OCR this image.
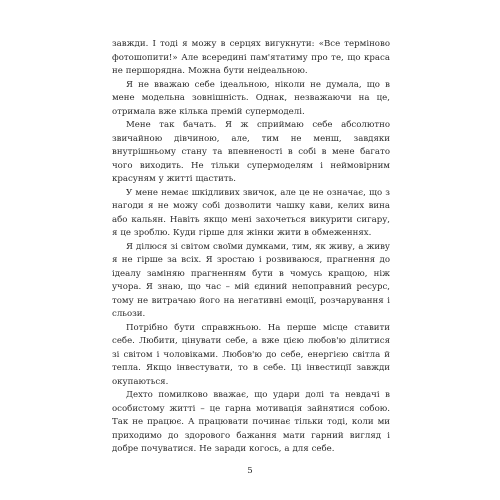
завжди. І тоді я можу в серцях вигукнути: «Все терміново фотошопити!» Але всередині пам'ятатиму про те, що краса не першорядна. Можна бути неідеальною.

Я не вважаю себе ідеальною, ніколи не думала, що в мене модельна зовнішність. Однак, незважаючи на це, отримала вже кілька премій супермоделі.

Мене так бачать. Я ж сприймаю себе абсолютно звичайною дівчиною, але, тим не менш, завдяки внутрішньому стану та впевненості в собі в мене багато чого виходить. Не тільки супермоделям і неймовірним красуням у житті щастить.

У мене немає шкідливих звичок, але це не означає, що з нагоди я не можу собі дозволити чашку кави, келих вина або кальян. Навіть якщо мені захочеться викурити сигару, я це зроблю. Куди гірше для жінки жити в обмеженнях.

Я ділюся зі світом своїми думками, тим, як живу, а живу я не гірше за всіх. Я зростаю і розвиваюся, прагнення до ідеалу заміняю прагненням бути в чомусь кращою, ніж учора. Я знаю, що час – мій єдиний непоправний ресурс, тому не витрачаю його на негативні емоції, розчарування і сльози.

Потрібно бути справжньою. На перше місце ставити себе. Любити, цінувати себе, а вже цією любов'ю ділитися зі світом і чоловіками. Любов'ю до себе, енергією світла й тепла. Якщо інвестувати, то в себе. Ці інвестиції завжди окупаються.

Дехто помилково вважає, що удари долі та невдачі в особистому житті – це гарна мотивація зайнятися собою. Так не працює. А працювати починає тільки тоді, коли ми приходимо до здорового бажання мати гарний вигляд і добре почуватися. Не заради когось, а для себе.

5
